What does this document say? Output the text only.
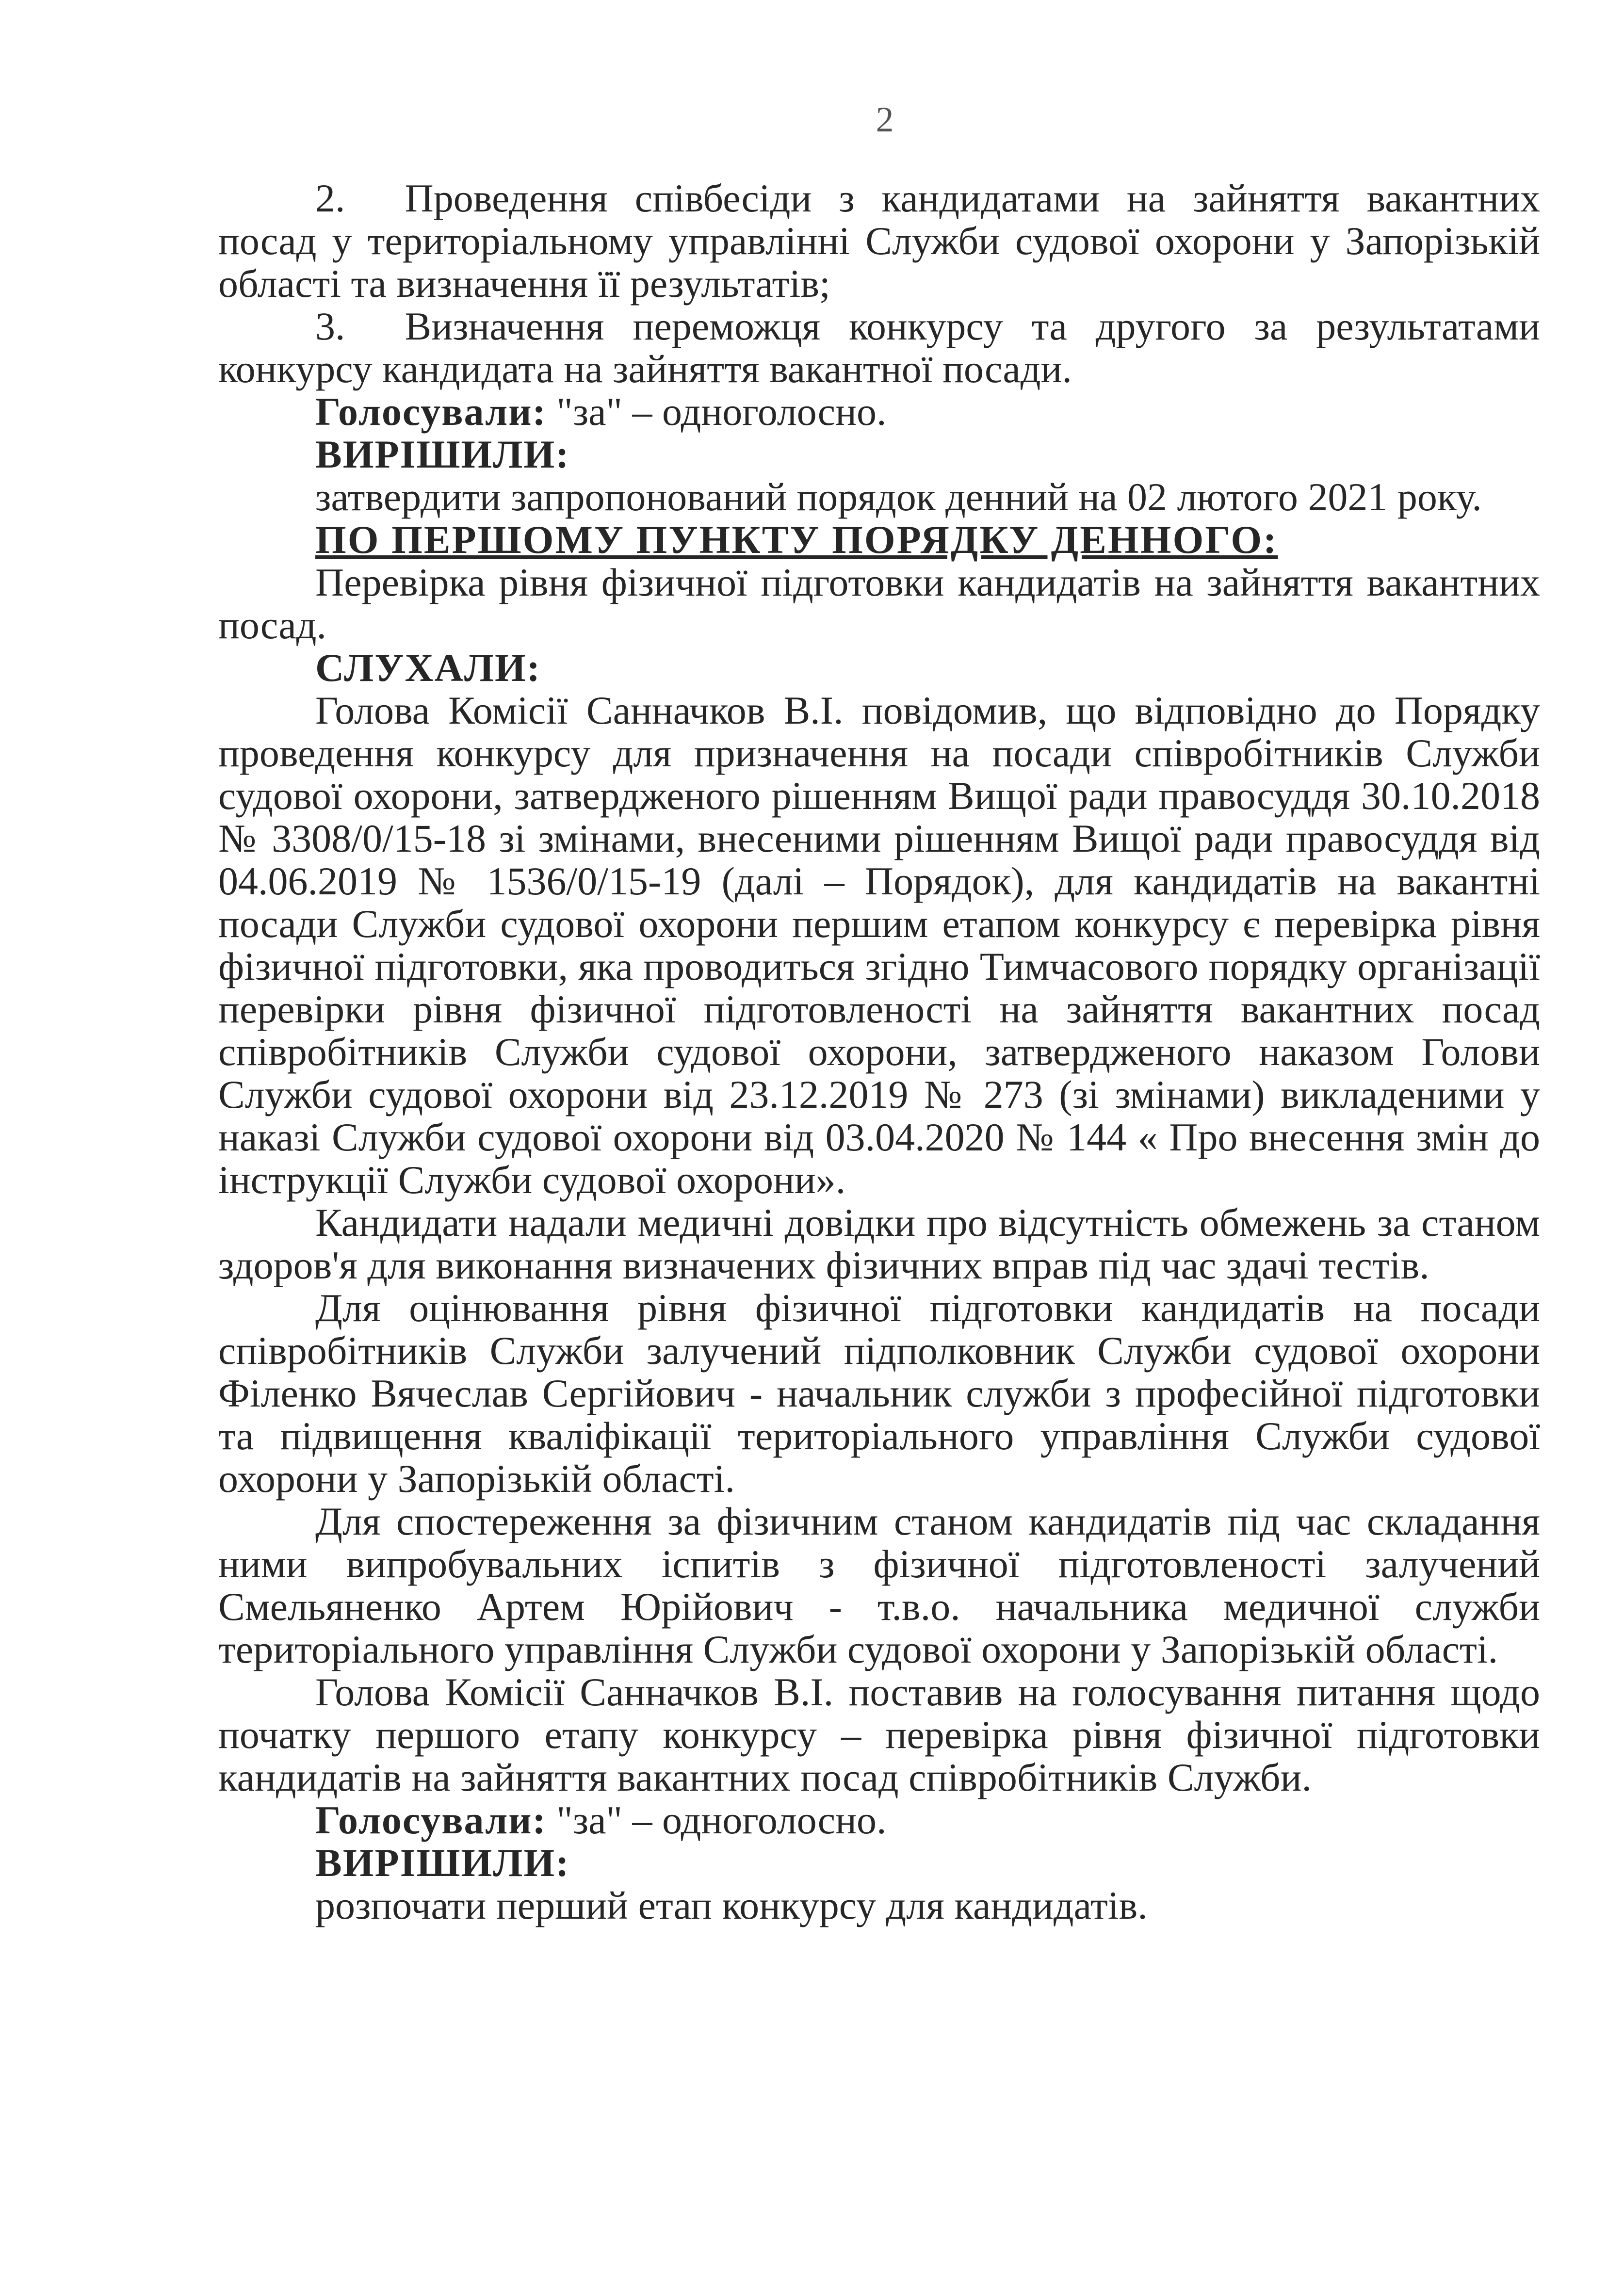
2

2.   Проведення співбесіди з кандидатами на зайняття вакантних посад у територіальному управлінні Служби судової охорони у Запорізькій області та визначення її результатів;

3.   Визначення переможця конкурсу та другого за результатами конкурсу кандидата на зайняття вакантної посади.

Голосували: "за" – одноголосно.

ВИРІШИЛИ:

затвердити запропонований порядок денний на 02 лютого 2021 року.

ПО ПЕРШОМУ ПУНКТУ ПОРЯДКУ ДЕННОГО:

Перевірка рівня фізичної підготовки кандидатів на зайняття вакантних посад.

СЛУХАЛИ:

Голова Комісії Санначков В.І. повідомив, що відповідно до Порядку проведення конкурсу для призначення на посади співробітників Служби судової охорони, затвердженого рішенням Вищої ради правосуддя 30.10.2018 № 3308/0/15-18 зі змінами, внесеними рішенням Вищої ради правосуддя від 04.06.2019 № 1536/0/15-19 (далі – Порядок), для кандидатів на вакантні посади Служби судової охорони першим етапом конкурсу є перевірка рівня фізичної підготовки, яка проводиться згідно Тимчасового порядку організації перевірки рівня фізичної підготовленості на зайняття вакантних посад співробітників Служби судової охорони, затвердженого наказом Голови Служби судової охорони від 23.12.2019 № 273 (зі змінами) викладеними у наказі Служби судової охорони від 03.04.2020 № 144 « Про внесення змін до інструкції Служби судової охорони».

Кандидати надали медичні довідки про відсутність обмежень за станом здоров'я для виконання визначених фізичних вправ під час здачі тестів.

Для оцінювання рівня фізичної підготовки кандидатів на посади співробітників Служби залучений підполковник Служби судової охорони Філенко Вячеслав Сергійович - начальник служби з професійної підготовки та підвищення кваліфікації територіального управління Служби судової охорони у Запорізькій області.

Для спостереження за фізичним станом кандидатів під час складання ними випробувальних іспитів з фізичної підготовленості залучений Смельяненко Артем Юрійович - т.в.о. начальника медичної служби територіального управління Служби судової охорони у Запорізькій області.

Голова Комісії Санначков В.І. поставив на голосування питання щодо початку першого етапу конкурсу – перевірка рівня фізичної підготовки кандидатів на зайняття вакантних посад співробітників Служби.

Голосували: "за" – одноголосно.

ВИРІШИЛИ:

розпочати перший етап конкурсу для кандидатів.
